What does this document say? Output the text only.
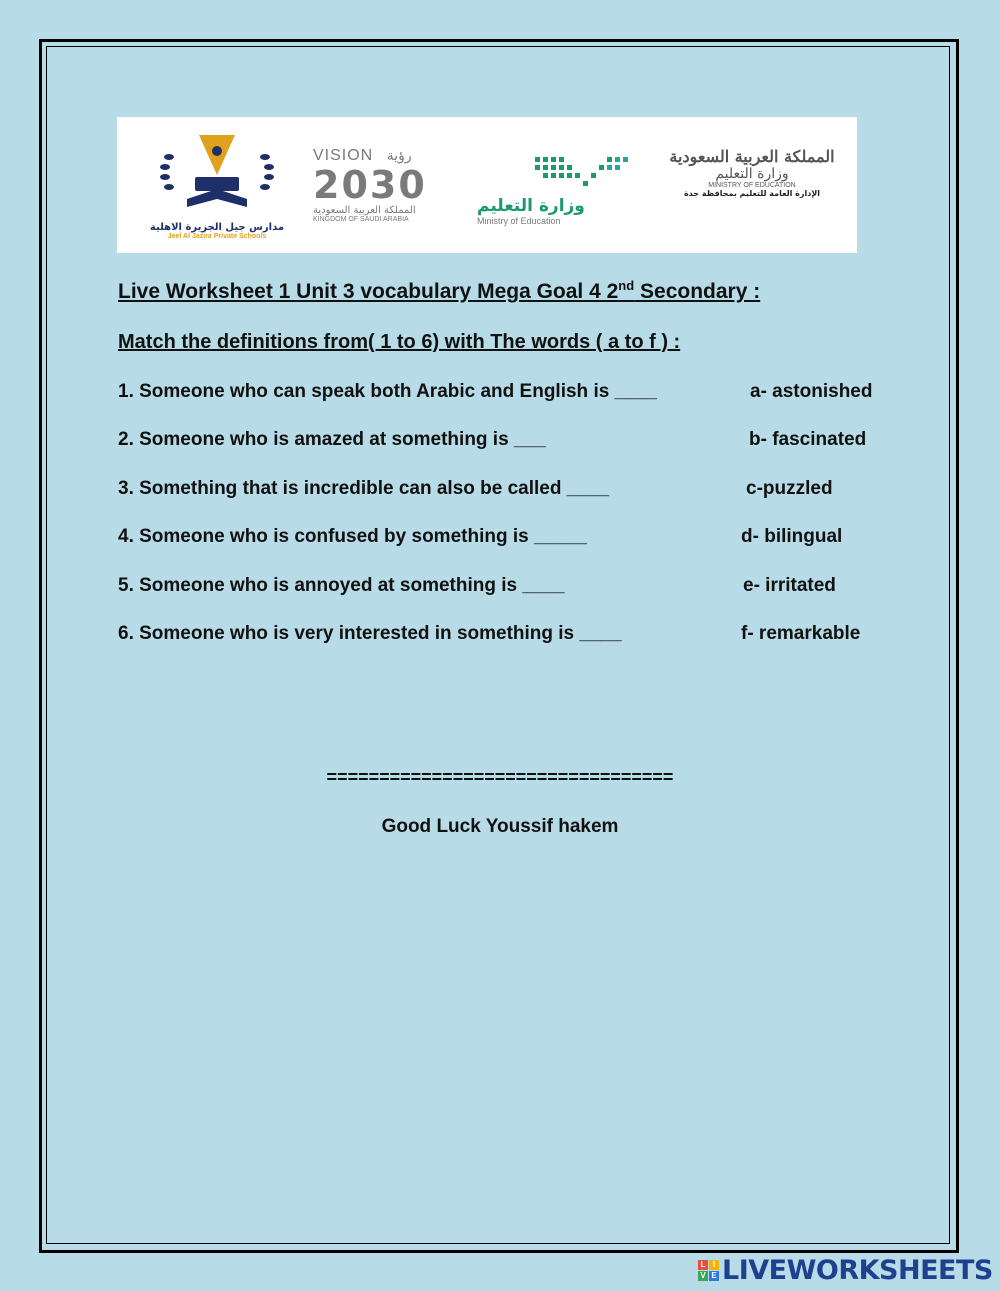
مدارس جيل الجزيرة الاهلية
Jeel Al Jazira Private Schools
VISION رؤية
2030
المملكة العربية السعودية
KINGDOM OF SAUDI ARABIA
وزارة التعليم
Ministry of Education
المملكة العربية السعودية
وزارة التعليم
MINISTRY OF EDUCATION
الإدارة العامة للتعليم بمحافظة جدة
Live Worksheet 1 Unit 3 vocabulary Mega Goal 4 2nd Secondary :
Match the definitions from( 1 to 6) with The words ( a to f ) :
1. Someone who can speak both Arabic and English is ____
2. Someone who is amazed at something is ___
3. Something that is incredible can also be called ____
4. Someone who is confused by something is _____
5. Someone who is annoyed at something is ____
6. Someone who is very interested in something is ____
a- astonished
b- fascinated
c-puzzled
d- bilingual
e- irritated
f- remarkable
=================================
Good Luck Youssif hakem
L I
V E LIVEWORKSHEETS
